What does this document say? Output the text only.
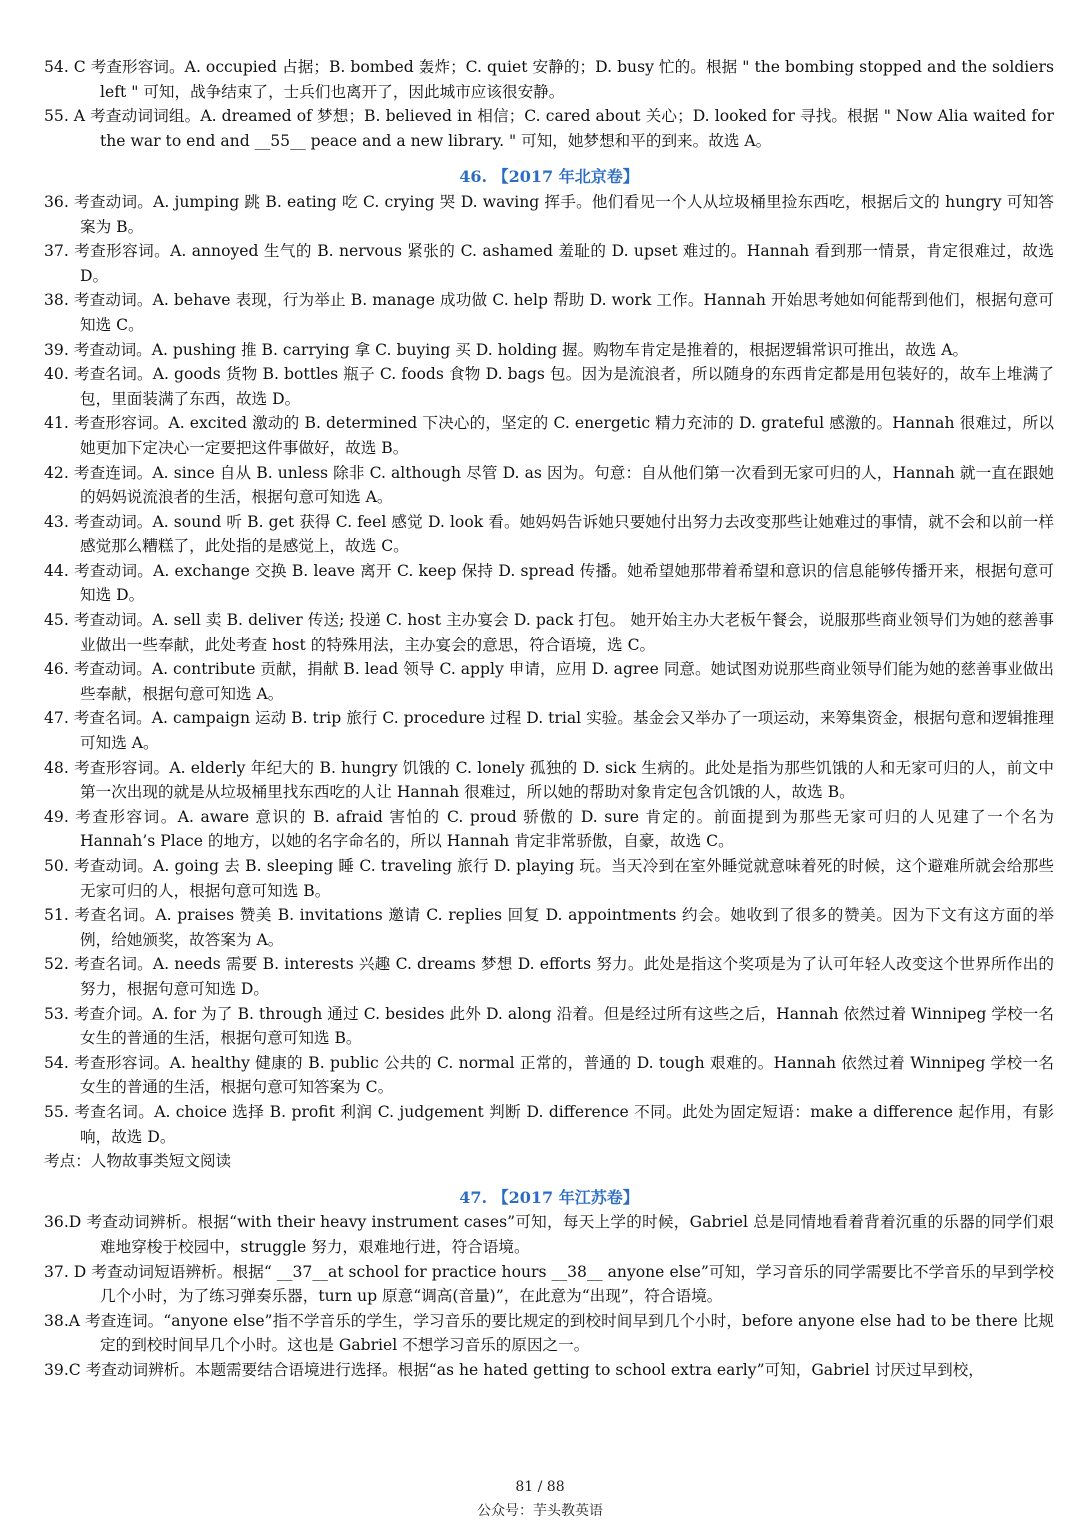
54. C 考查形容词。A. occupied 占据；B. bombed 轰炸；C. quiet 安静的；D. busy 忙的。根据 " the bombing stopped and the soldiers left " 可知，战争结束了，士兵们也离开了，因此城市应该很安静。

55. A 考查动词词组。A. dreamed of 梦想；B. believed in 相信；C. cared about 关心；D. looked for 寻找。根据 " Now Alia waited for the war to end and __55__ peace and a new library. " 可知，她梦想和平的到来。故选 A。

46. 【2017 年北京卷】

36. 考查动词。A. jumping 跳 B. eating 吃 C. crying 哭 D. waving 挥手。他们看见一个人从垃圾桶里捡东西吃，根据后文的 hungry 可知答案为 B。

37. 考查形容词。A. annoyed 生气的 B. nervous 紧张的 C. ashamed 羞耻的 D. upset 难过的。Hannah 看到那一情景，肯定很难过，故选 D。

38. 考查动词。A. behave 表现，行为举止 B. manage 成功做 C. help 帮助 D. work 工作。Hannah 开始思考她如何能帮到他们，根据句意可知选 C。

39. 考查动词。A. pushing 推 B. carrying 拿 C. buying 买 D. holding 握。购物车肯定是推着的，根据逻辑常识可推出，故选 A。

40. 考查名词。A. goods 货物 B. bottles 瓶子 C. foods 食物 D. bags 包。因为是流浪者，所以随身的东西肯定都是用包装好的，故车上堆满了包，里面装满了东西，故选 D。

41. 考查形容词。A. excited 激动的 B. determined 下决心的，坚定的 C. energetic 精力充沛的 D. grateful 感激的。Hannah 很难过，所以她更加下定决心一定要把这件事做好，故选 B。

42. 考查连词。A. since 自从 B. unless 除非 C. although 尽管 D. as 因为。句意：自从他们第一次看到无家可归的人，Hannah 就一直在跟她的妈妈说流浪者的生活，根据句意可知选 A。

43. 考查动词。A. sound 听 B. get 获得 C. feel 感觉 D. look 看。她妈妈告诉她只要她付出努力去改变那些让她难过的事情，就不会和以前一样感觉那么糟糕了，此处指的是感觉上，故选 C。

44. 考查动词。A. exchange 交换 B. leave 离开 C. keep 保持 D. spread 传播。她希望她那带着希望和意识的信息能够传播开来，根据句意可知选 D。

45. 考查动词。A. sell 卖 B. deliver 传送; 投递 C. host 主办宴会 D. pack 打包。 她开始主办大老板午餐会，说服那些商业领导们为她的慈善事业做出一些奉献，此处考查 host 的特殊用法，主办宴会的意思，符合语境，选 C。

46. 考查动词。A. contribute 贡献，捐献 B. lead 领导 C. apply 申请，应用 D. agree 同意。她试图劝说那些商业领导们能为她的慈善事业做出些奉献，根据句意可知选 A。

47. 考查名词。A. campaign 运动 B. trip 旅行 C. procedure 过程 D. trial 实验。基金会又举办了一项运动，来筹集资金，根据句意和逻辑推理可知选 A。

48. 考查形容词。A. elderly 年纪大的 B. hungry 饥饿的 C. lonely 孤独的 D. sick 生病的。此处是指为那些饥饿的人和无家可归的人，前文中第一次出现的就是从垃圾桶里找东西吃的人让 Hannah 很难过，所以她的帮助对象肯定包含饥饿的人，故选 B。

49. 考查形容词。A. aware 意识的 B. afraid 害怕的 C. proud 骄傲的 D. sure 肯定的。前面提到为那些无家可归的人见建了一个名为 Hannah’s Place 的地方，以她的名字命名的，所以 Hannah 肯定非常骄傲，自豪，故选 C。

50. 考查动词。A. going 去 B. sleeping 睡 C. traveling 旅行 D. playing 玩。当天冷到在室外睡觉就意味着死的时候，这个避难所就会给那些无家可归的人，根据句意可知选 B。

51. 考查名词。A. praises 赞美 B. invitations 邀请 C. replies 回复 D. appointments 约会。她收到了很多的赞美。因为下文有这方面的举例，给她颁奖，故答案为 A。

52. 考查名词。A. needs 需要 B. interests 兴趣 C. dreams 梦想 D. efforts 努力。此处是指这个奖项是为了认可年轻人改变这个世界所作出的努力，根据句意可知选 D。

53. 考查介词。A. for 为了 B. through 通过 C. besides 此外 D. along 沿着。但是经过所有这些之后，Hannah 依然过着 Winnipeg 学校一名女生的普通的生活，根据句意可知选 B。

54. 考查形容词。A. healthy 健康的 B. public 公共的 C. normal 正常的，普通的 D. tough 艰难的。Hannah 依然过着 Winnipeg 学校一名女生的普通的生活，根据句意可知答案为 C。

55. 考查名词。A. choice 选择 B. profit 利润 C. judgement 判断 D. difference 不同。此处为固定短语：make a difference 起作用，有影响，故选 D。

考点：人物故事类短文阅读

47. 【2017 年江苏卷】

36.D 考查动词辨析。根据“with their heavy instrument cases”可知，每天上学的时候，Gabriel 总是同情地看着背着沉重的乐器的同学们艰难地穿梭于校园中，struggle 努力，艰难地行进，符合语境。

37. D 考查动词短语辨析。根据“ __37__at school for practice hours __38__ anyone else”可知，学习音乐的同学需要比不学音乐的早到学校几个小时，为了练习弹奏乐器，turn up 原意“调高(音量)”，在此意为“出现”，符合语境。

38.A 考查连词。“anyone else”指不学音乐的学生，学习音乐的要比规定的到校时间早到几个小时，before anyone else had to be there 比规定的到校时间早几个小时。这也是 Gabriel 不想学习音乐的原因之一。

39.C 考查动词辨析。本题需要结合语境进行选择。根据“as he hated getting to school extra early”可知，Gabriel 讨厌过早到校，

81 / 88
公众号：芋头教英语
